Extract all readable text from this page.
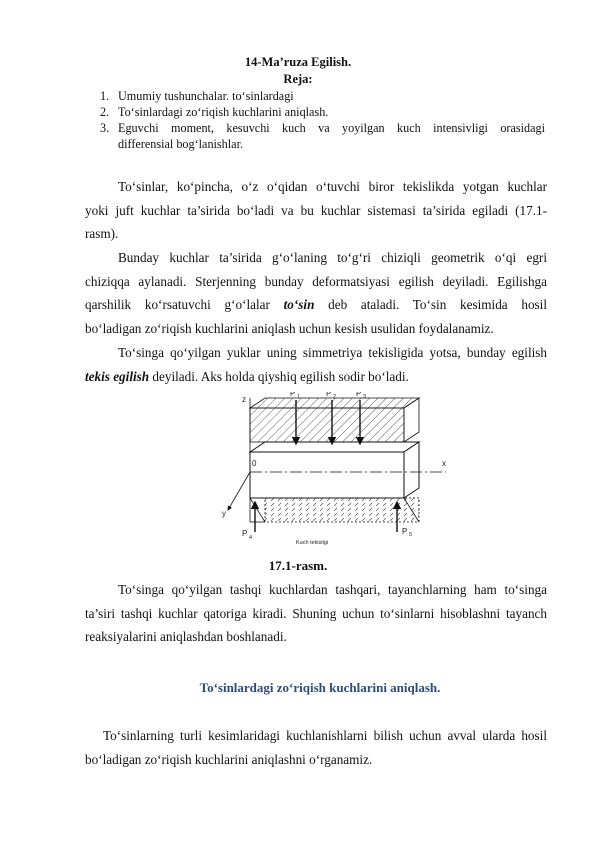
14-Ma’ruza Egilish.
Reja:
1. Umumiy tushunchalar. to‘sinlardagi
2. To‘sinlardagi zo‘riqish kuchlarini aniqlash.
3. Eguvchi moment, kesuvchi kuch va yoyilgan kuch intensivligi orasidagi
differensial bog‘lanishlar.
To‘sinlar, ko‘pincha, o‘z o‘qidan o‘tuvchi biror tekislikda yotgan kuchlar
yoki juft kuchlar ta’sirida bo‘ladi va bu kuchlar sistemasi ta’sirida egiladi (17.1-
rasm).
Bunday kuchlar ta’sirida g‘o‘laning to‘g‘ri chiziqli geometrik o‘qi egri
chiziqqa aylanadi. Sterjenning bunday deformatsiyasi egilish deyiladi. Egilishga
qarshilik ko‘rsatuvchi g‘o‘lalar to‘sin deb ataladi. To‘sin kesimida hosil
bo‘ladigan zo‘riqish kuchlarini aniqlash uchun kesish usulidan foydalanamiz.
To‘singa qo‘yilgan yuklar uning simmetriya tekisligida yotsa, bunday egilish
tekis egilish deyiladi. Aks holda qiyshiq egilish sodir bo‘ladi.
z
P 1	P 2 P 3
0	x
y
P 4
P 5
Kuch tekisligi
17.1-rasm.
To‘singa qo‘yilgan tashqi kuchlardan tashqari, tayanchlarning ham to‘singa
ta’siri tashqi kuchlar qatoriga kiradi. Shuning uchun to‘sinlarni hisoblashni tayanch
reaksiyalarini aniqlashdan boshlanadi.
To‘sinlardagi zo‘riqish kuchlarini aniqlash.
To‘sinlarning turli kesimlaridagi kuchlanishlarni bilish uchun avval ularda hosil
bo‘ladigan zo‘riqish kuchlarini aniqlashni o‘rganamiz.
